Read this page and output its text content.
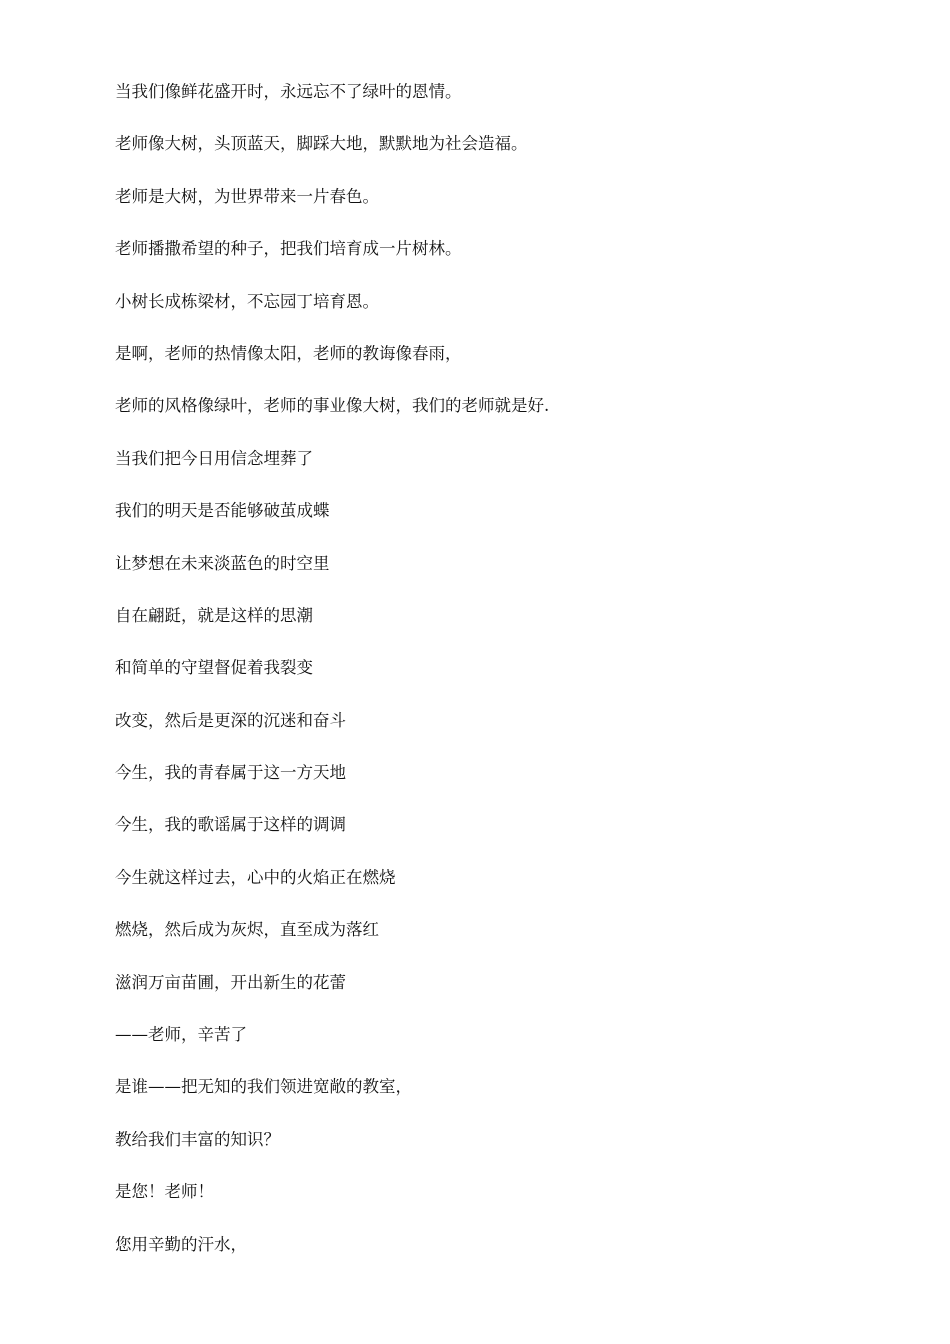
当我们像鲜花盛开时，永远忘不了绿叶的恩情。

老师像大树，头顶蓝天，脚踩大地，默默地为社会造福。

老师是大树，为世界带来一片春色。

老师播撒希望的种子，把我们培育成一片树林。

小树长成栋梁材，不忘园丁培育恩。

是啊，老师的热情像太阳，老师的教诲像春雨，

老师的风格像绿叶，老师的事业像大树，我们的老师就是好.

当我们把今日用信念埋葬了

我们的明天是否能够破茧成蝶

让梦想在未来淡蓝色的时空里

自在翩跹，就是这样的思潮

和简单的守望督促着我裂变

改变，然后是更深的沉迷和奋斗

今生，我的青春属于这一方天地

今生，我的歌谣属于这样的调调

今生就这样过去，心中的火焰正在燃烧

燃烧，然后成为灰烬，直至成为落红

滋润万亩苗圃，开出新生的花蕾

——老师，辛苦了

是谁——把无知的我们领进宽敞的教室，

教给我们丰富的知识？

是您！老师！

您用辛勤的汗水，
